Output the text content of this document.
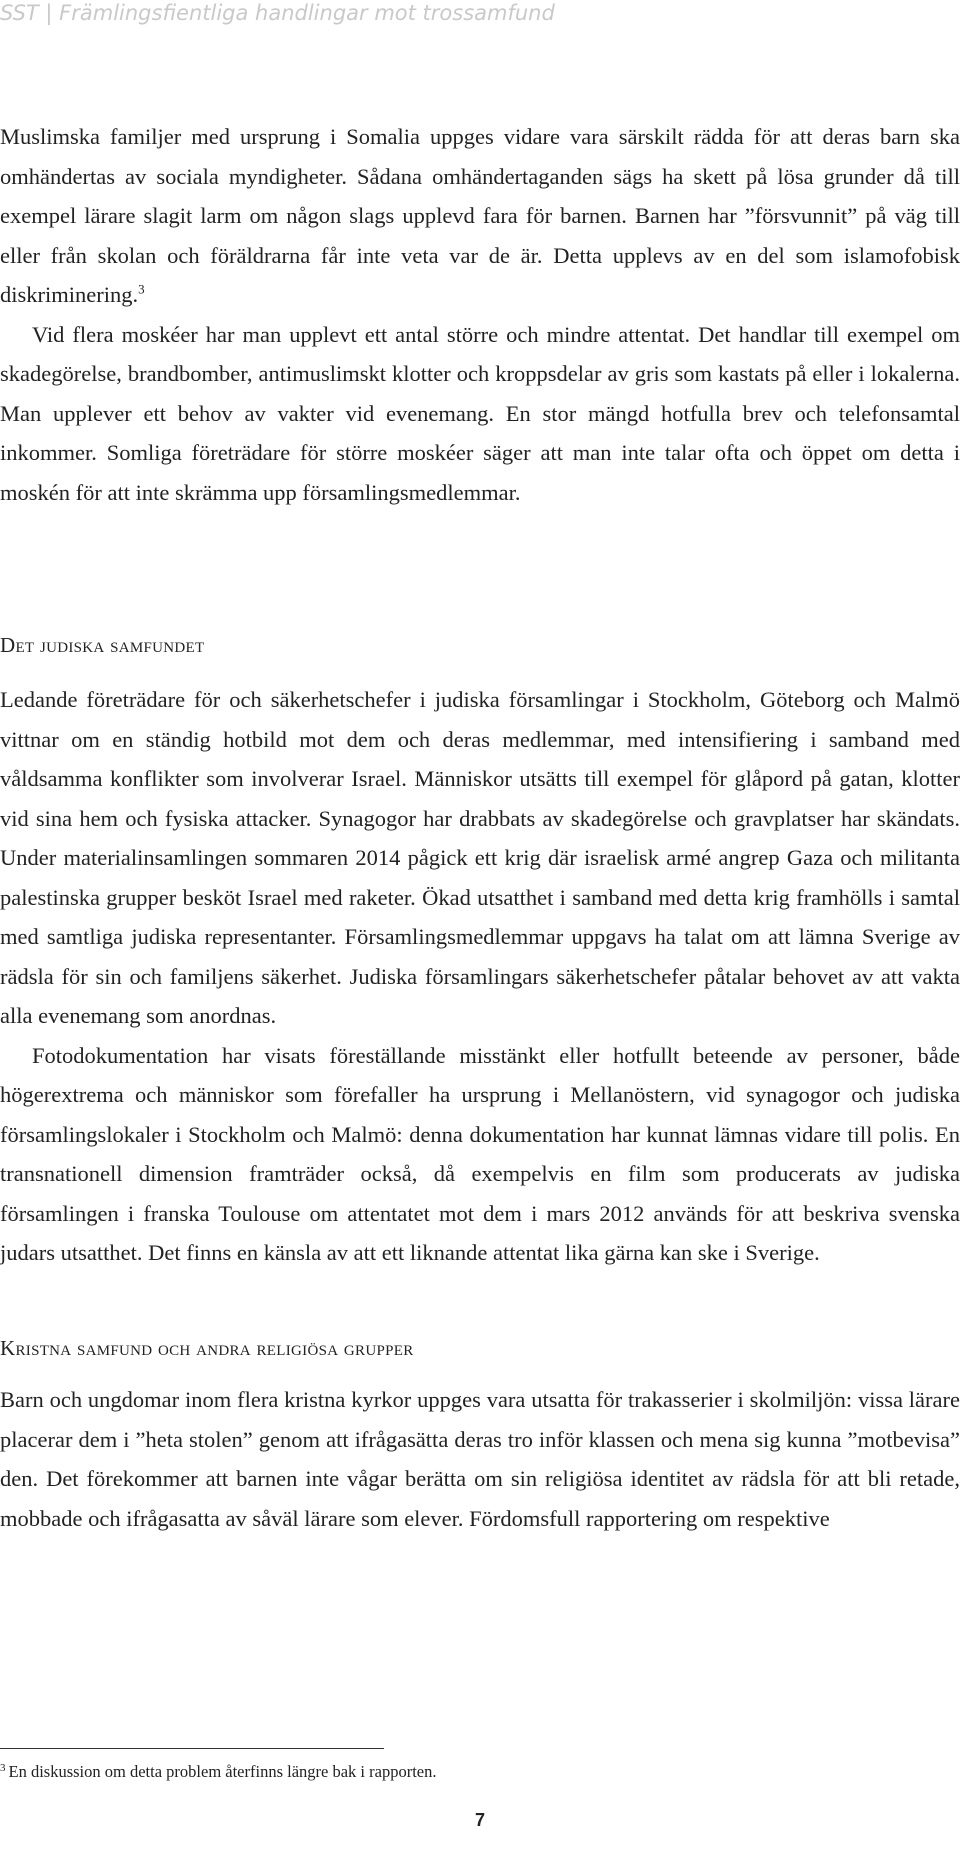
SST | Främlingsfientliga handlingar mot trossamfund

Muslimska familjer med ursprung i Somalia uppges vidare vara särskilt rädda för att deras barn ska omhändertas av sociala myndigheter. Sådana omhändertaganden sägs ha skett på lösa grunder då till exempel lärare slagit larm om någon slags upplevd fara för barnen. Barnen har ”försvunnit” på väg till eller från skolan och föräldrarna får inte veta var de är. Detta upplevs av en del som islamofobisk diskriminering.$^3$

Vid flera moskéer har man upplevt ett antal större och mindre attentat. Det handlar till exempel om skadegörelse, brandbomber, antimuslimskt klotter och kroppsdelar av gris som kastats på eller i lokalerna. Man upplever ett behov av vakter vid evenemang. En stor mängd hotfulla brev och telefonsamtal inkommer. Somliga företrädare för större moskéer säger att man inte talar ofta och öppet om detta i moskén för att inte skrämma upp församlingsmedlemmar.

Det judiska samfundet

Ledande företrädare för och säkerhetschefer i judiska församlingar i Stockholm, Göteborg och Malmö vittnar om en ständig hotbild mot dem och deras medlemmar, med intensifiering i samband med våldsamma konflikter som involverar Israel. Människor utsätts till exempel för glåpord på gatan, klotter vid sina hem och fysiska attacker. Synagogor har drabbats av skadegörelse och gravplatser har skändats. Under materialinsamlingen sommaren 2014 pågick ett krig där israelisk armé angrep Gaza och militanta palestinska grupper besköt Israel med raketer. Ökad utsatthet i samband med detta krig framhölls i samtal med samtliga judiska representanter. Församlingsmedlemmar uppgavs ha talat om att lämna Sverige av rädsla för sin och familjens säkerhet. Judiska församlingars säkerhetschefer påtalar behovet av att vakta alla evenemang som anordnas.

Fotodokumentation har visats föreställande misstänkt eller hotfullt beteende av personer, både högerextrema och människor som förefaller ha ursprung i Mellanöstern, vid synagogor och judiska församlingslokaler i Stockholm och Malmö: denna dokumentation har kunnat lämnas vidare till polis. En transnationell dimension framträder också, då exempelvis en film som producerats av judiska församlingen i franska Toulouse om attentatet mot dem i mars 2012 används för att beskriva svenska judars utsatthet. Det finns en känsla av att ett liknande attentat lika gärna kan ske i Sverige.

Kristna samfund och andra religiösa grupper

Barn och ungdomar inom flera kristna kyrkor uppges vara utsatta för trakasserier i skolmiljön: vissa lärare placerar dem i ”heta stolen” genom att ifrågasätta deras tro inför klassen och mena sig kunna ”motbevisa” den. Det förekommer att barnen inte vågar berätta om sin religiösa identitet av rädsla för att bli retade, mobbade och ifrågasatta av såväl lärare som elever. Fördomsfull rapportering om respektive

$^3$ En diskussion om detta problem återfinns längre bak i rapporten.
7
